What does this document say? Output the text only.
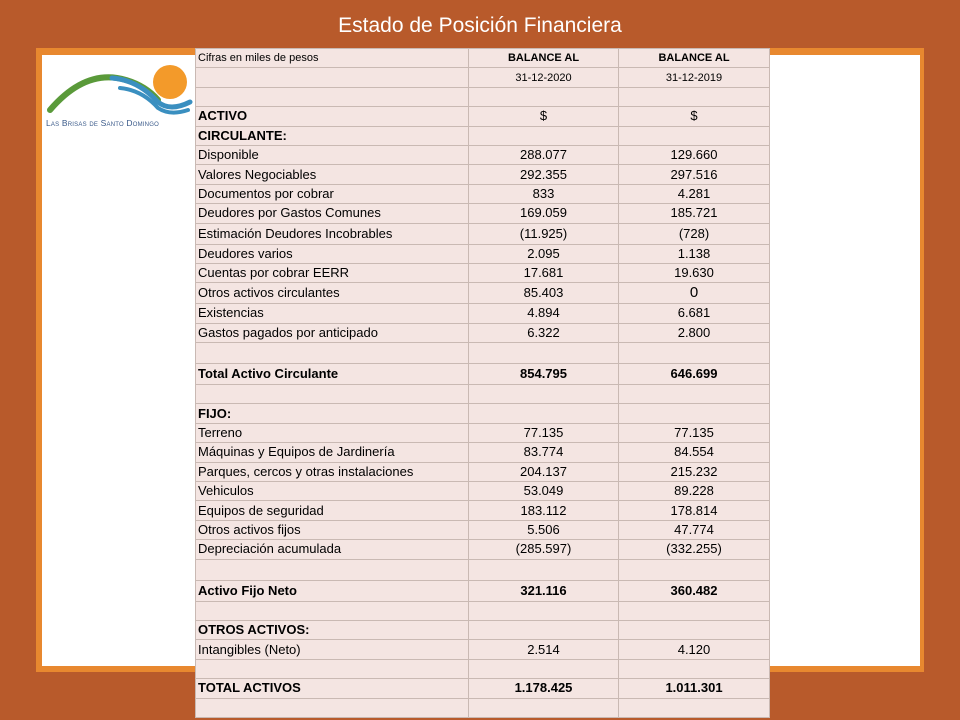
Estado de Posición Financiera
Las Brisas de Santo Domingo
Cifras en miles de pesos	BALANCE AL	BALANCE AL
	31-12-2020	31-12-2019

ACTIVO	$	$
CIRCULANTE:		
Disponible	288.077	129.660
Valores Negociables	292.355	297.516
Documentos por cobrar	833	4.281
Deudores por Gastos Comunes	169.059	185.721
Estimación Deudores Incobrables	(11.925)	(728)
Deudores varios	2.095	1.138
Cuentas por cobrar EERR	17.681	19.630
Otros activos circulantes	85.403	0
Existencias	4.894	6.681
Gastos pagados por anticipado	6.322	2.800

Total Activo Circulante	854.795	646.699

FIJO:		
Terreno	77.135	77.135
Máquinas y Equipos de Jardinería	83.774	84.554
Parques, cercos y otras instalaciones	204.137	215.232
Vehiculos	53.049	89.228
Equipos de seguridad	183.112	178.814
Otros activos fijos	5.506	47.774
Depreciación acumulada	(285.597)	(332.255)

Activo Fijo Neto	321.116	360.482

OTROS ACTIVOS:		
Intangibles (Neto)	2.514	4.120

TOTAL ACTIVOS	1.178.425	1.011.301
